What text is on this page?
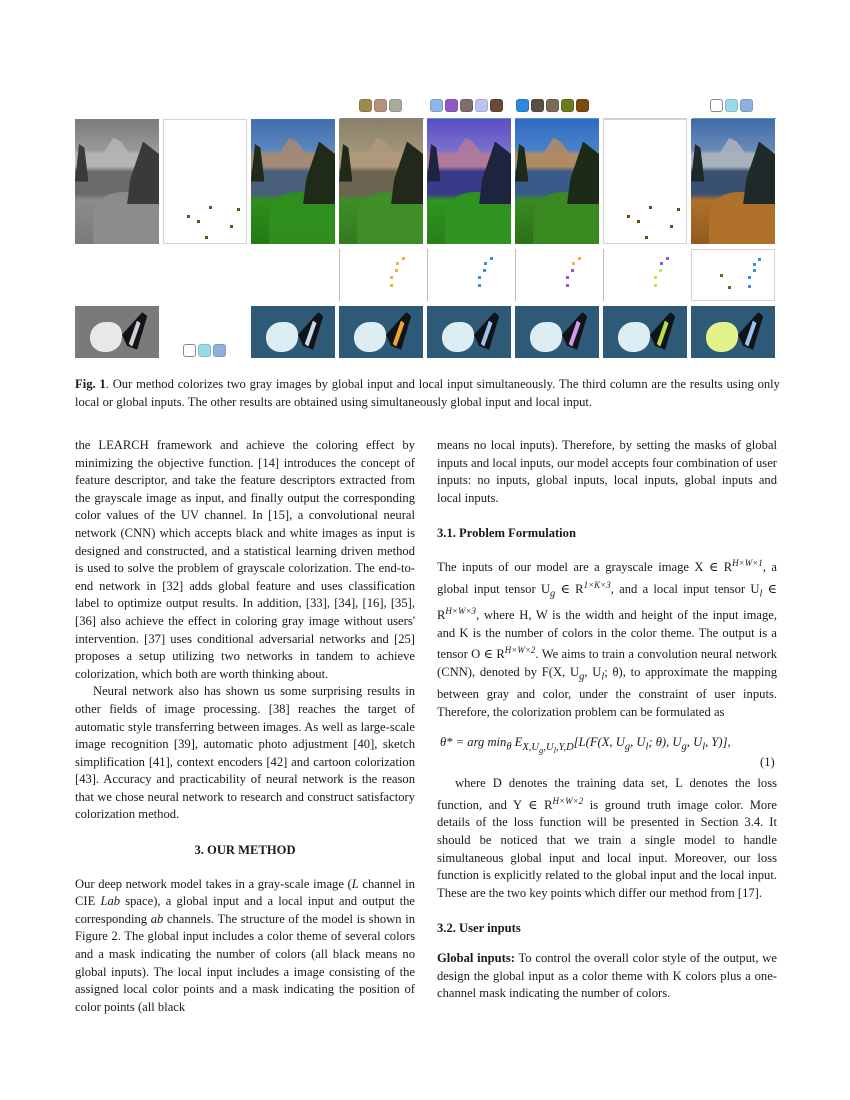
Fig. 1. Our method colorizes two gray images by global input and local input simultaneously. The third column are the results using only local or global inputs. The other results are obtained using simultaneously global input and local input.

the LEARCH framework and achieve the coloring effect by minimizing the objective function. [14] introduces the concept of feature descriptor, and take the feature descriptors extracted from the grayscale image as input, and finally output the corresponding color values of the UV channel. In [15], a convolutional neural network (CNN) which accepts black and white images as input is designed and constructed, and a statistical learning driven method is used to solve the problem of grayscale colorization. The end-to-end network in [32] adds global feature and uses classification label to optimize output results. In addition, [33], [34], [16], [35], [36] also achieve the effect in coloring gray image without users' intervention. [37] uses conditional adversarial networks and [25] proposes a setup utilizing two networks in tandem to achieve colorization, which both are worth thinking about.

Neural network also has shown us some surprising results in other fields of image processing. [38] reaches the target of automatic style transferring between images. As well as large-scale image recognition [39], automatic photo adjustment [40], sketch simplification [41], context encoders [42] and cartoon colorization [43]. Accuracy and practicability of neural network is the reason that we chose neural network to research and construct satisfactory colorization method.

3. OUR METHOD

Our deep network model takes in a gray-scale image (L channel in CIE Lab space), a global input and a local input and output the corresponding ab channels. The structure of the model is shown in Figure 2. The global input includes a color theme of several colors and a mask indicating the number of colors (all black means no global inputs). The local input includes a image consisting of the assigned local color points and a mask indicating the position of color points (all black

means no local inputs). Therefore, by setting the masks of global inputs and local inputs, our model accepts four combination of user inputs: no inputs, global inputs, local inputs, global inputs and local inputs.

3.1. Problem Formulation

The inputs of our model are a grayscale image X ∈ $R^{H\times W\times 1}$, a global input tensor $U_g$ ∈ $R^{1\times K\times 3}$, and a local input tensor $U_l$ ∈ $R^{H\times W\times 3}$, where H, W is the width and height of the input image, and K is the number of colors in the color theme. The output is a tensor O ∈ $R^{H\times W\times 2}$. We aims to train a convolution neural network (CNN), denoted by F(X, $U_g$, $U_l$; θ), to approximate the mapping between gray and color, under the constraint of user inputs. Therefore, the colorization problem can be formulated as

θ* = arg $\min_\theta E_{X,U_g,U_l,Y,D}[L(F(X$, $U_g$, $U_l$; θ), $U_g$, $U_l$, Y)],
(1)

where D denotes the training data set, L denotes the loss function, and Y ∈ $R^{H\times W\times 2}$ is ground truth image color. More details of the loss function will be presented in Section 3.4. It should be noticed that we train a single model to handle simultaneous global input and local input. Moreover, our loss function is explicitly related to the global input and the local input. These are the two key points which differ our method from [17].

3.2. User inputs

Global inputs: To control the overall color style of the output, we design the global input as a color theme with K colors plus a one-channel mask indicating the number of colors.
